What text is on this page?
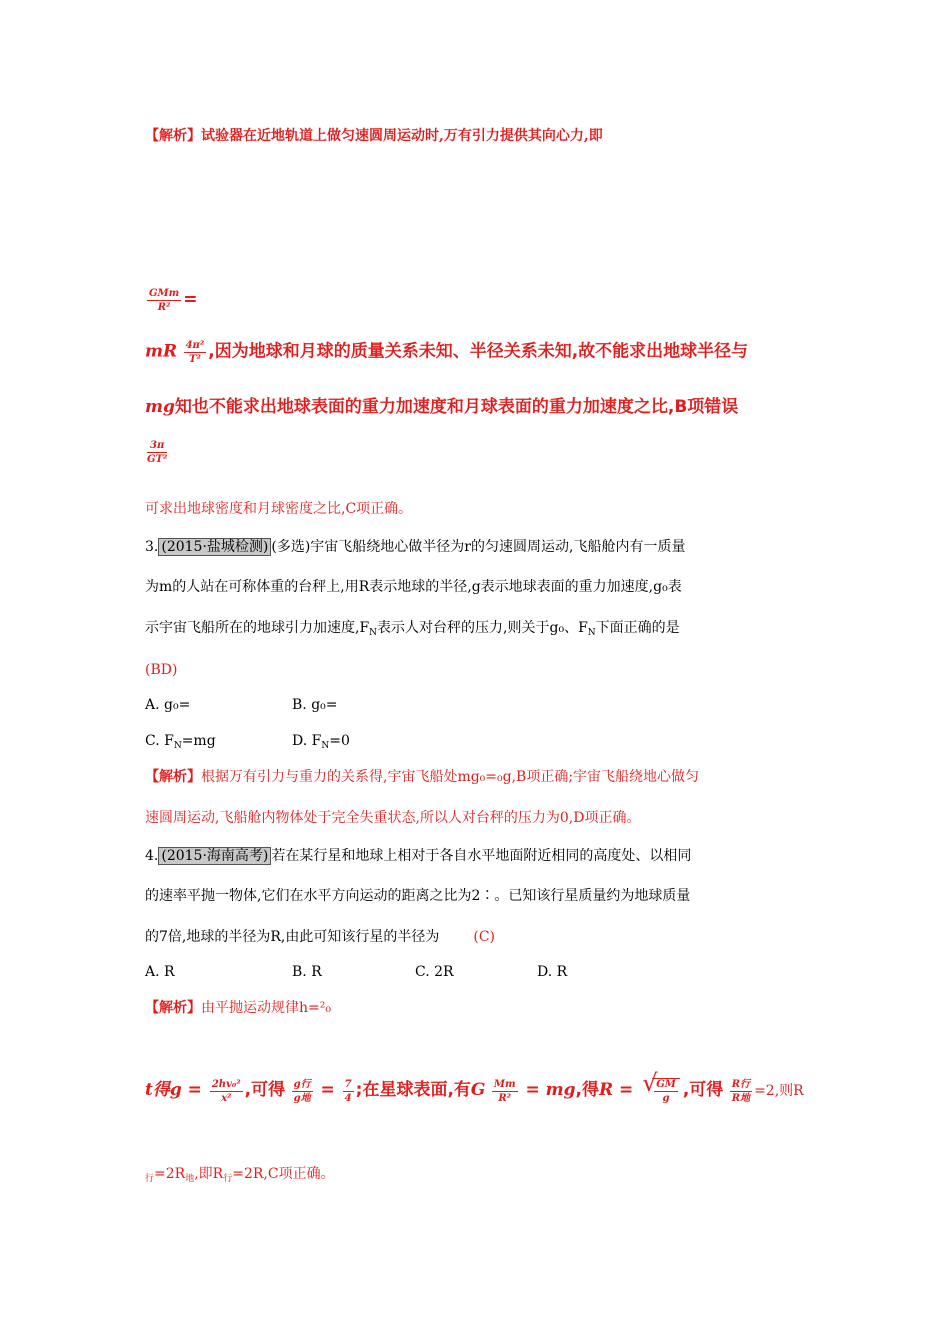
【解析】试验器在近地轨道上做匀速圆周运动时,万有引力提供其向心力,即
$\frac{\text{GMm}}{\text{R²}}$ =
mR $\frac{\text{4π²}}{\text{T²}}$ ,因为地球和月球的质量关系未知、半径关系未知,故不能求出地球半径与
mg知也不能求出地球表面的重力加速度和月球表面的重力加速度之比,B项错误
$\frac{3\pi}{\text{GT²}}$
可求出地球密度和月球密度之比,C项正确。
3. (2015·盐城检测) (多选)宇宙飞船绕地心做半径为r的匀速圆周运动,飞船舱内有一质量
为m的人站在可称体重的台秤上,用R表示地球的半径,g表示地球表面的重力加速度,g₀表
示宇宙飞船所在的地球引力加速度$,F_N$表示人对台秤的压力,则关于g₀、$F_N$下面正确的是
(BD)
A. g₀=	B. g₀=
C. $F_N=mg$	D. $F_N=0$
【解析】根据万有引力与重力的关系得,宇宙飞船处mg₀=₀g,B项正确;宇宙飞船绕地心做匀
速圆周运动,飞船舱内物体处于完全失重状态,所以人对台秤的压力为0,D项正确。
4. (2015·海南高考) 若在某行星和地球上相对于各自水平地面附近相同的高度处、以相同
的速率平抛一物体,它们在水平方向运动的距离之比为2∶。已知该行星质量约为地球质量
的7倍,地球的半径为R,由此可知该行星的半径为 (C)
A. R	B. R	C. 2R	D. R
【解析】由平抛运动规律h=²₀
t得$g = \frac{\text{2hv₀²}}{\text{x²}}$ ,可得 $\frac{\text{g行}}{\text{g地}} = \frac{7}{4}$ ;在星球表面,有G $\frac{Mm}{\text{R²}}$ = mg,得R = √
$\frac{GM}{g}$ ,可得 $\frac{\text{R行}}{\text{R地}} =2$,则R
$_行=2R_地$,即$R_行=2R,C$项正确。
